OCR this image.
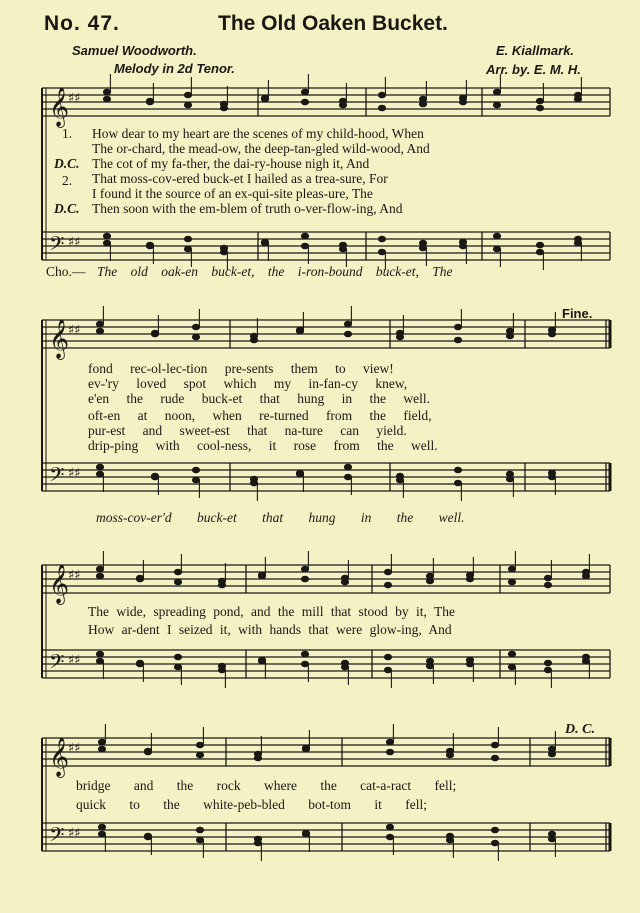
No. 47.	The Old Oaken Bucket.
Samuel Woodworth.	E. Kiallmark.
Melody in 2d Tenor.	Arr. by. E. M. H.
𝄞
♯♯
𝄢 ♯♯
𝄞
♯♯
𝄢 ♯♯
𝄞
♯♯
𝄢 ♯♯
𝄞
♯♯
𝄢 ♯♯
1. How dear to my heart are the scenes of my child-hood, When
The or-chard, the mead-ow, the deep-tan-gled wild-wood, And
D.C. The cot of my fa-ther, the dai-ry-house nigh it, And
2. That moss-cov-ered buck-et I hailed as a trea-sure, For
I found it the source of an ex-qui-site pleas-ure, The
D.C. Then soon with the em-blem of truth o-ver-flow-ing, And
Cho.— The old oak-en buck-et, the i-ron-bound buck-et, The
Fine.
fond rec-ol-lec-tion pre-sents them to view!
ev-'ry loved spot which my in-fan-cy knew,
e'en the rude buck-et that hung in the well.
oft-en at noon, when re-turned from the field,
pur-est and sweet-est that na-ture can yield.
drip-ping with cool-ness, it rose from the well.
moss-cov-er'd buck-et that hung in the well.
The wide, spreading pond, and the mill that stood by it, The
How ar-dent I seized it, with hands that were glow-ing, And
D. C.
bridge and the rock where the cat-a-ract fell;
quick to the white-peb-bled bot-tom it fell;
